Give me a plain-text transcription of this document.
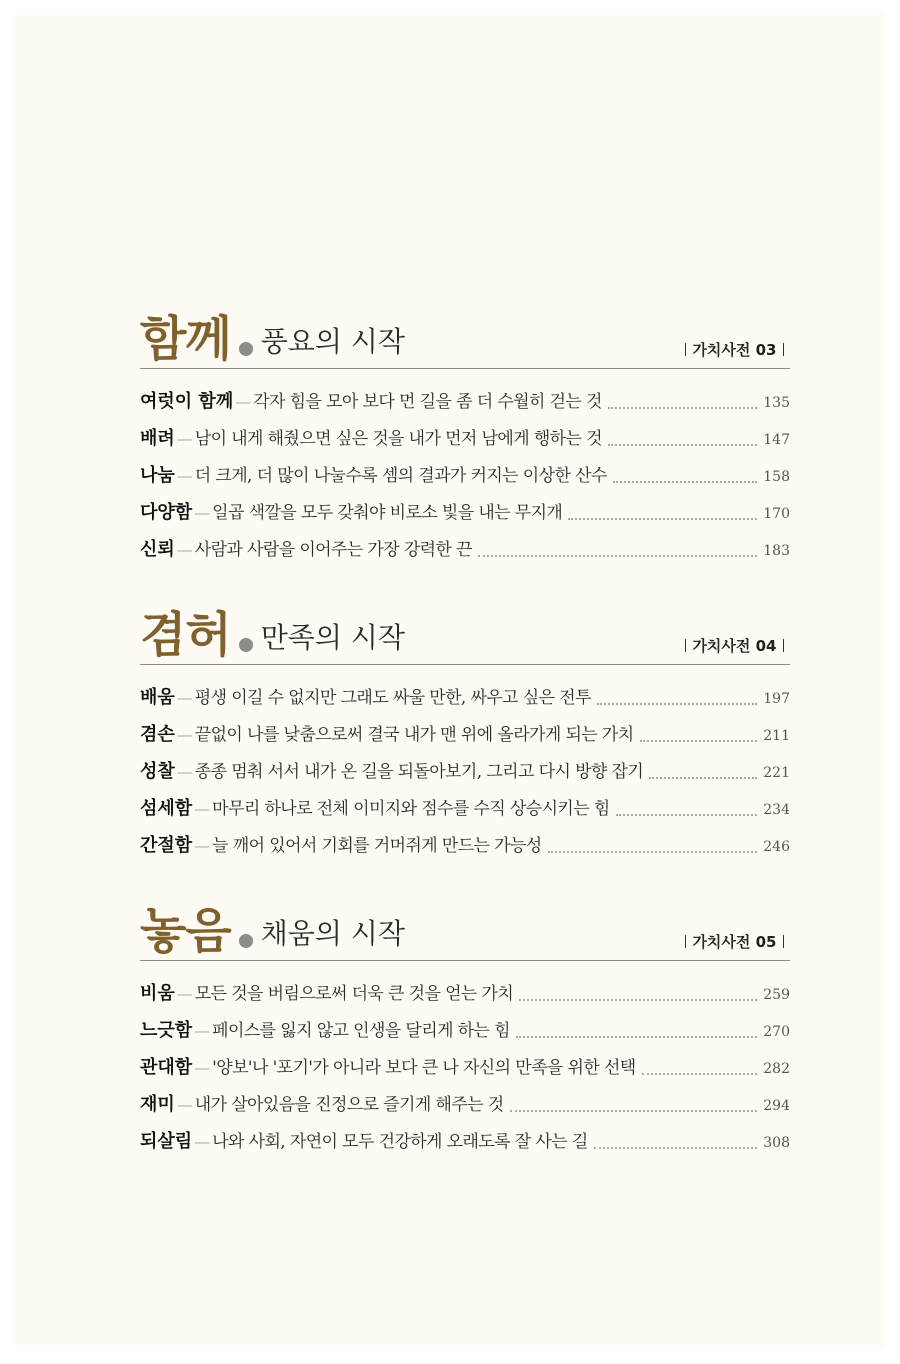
함께 풍요의 시작	가치사전 03
여럿이 함께 — 각자 힘을 모아 보다 먼 길을 좀 더 수월히 걷는 것	135
배려 — 남이 내게 해줬으면 싶은 것을 내가 먼저 남에게 행하는 것	147
나눔 — 더 크게, 더 많이 나눌수록 셈의 결과가 커지는 이상한 산수	158
다양함 — 일곱 색깔을 모두 갖춰야 비로소 빛을 내는 무지개	170
신뢰 — 사람과 사람을 이어주는 가장 강력한 끈	183
겸허 만족의 시작	가치사전 04
배움 — 평생 이길 수 없지만 그래도 싸울 만한, 싸우고 싶은 전투	197
겸손 — 끝없이 나를 낮춤으로써 결국 내가 맨 위에 올라가게 되는 가치	211
성찰 — 종종 멈춰 서서 내가 온 길을 되돌아보기, 그리고 다시 방향 잡기	221
섬세함 — 마무리 하나로 전체 이미지와 점수를 수직 상승시키는 힘	234
간절함 — 늘 깨어 있어서 기회를 거머쥐게 만드는 가능성	246
놓음 채움의 시작	가치사전 05
비움 — 모든 것을 버림으로써 더욱 큰 것을 얻는 가치	259
느긋함 — 페이스를 잃지 않고 인생을 달리게 하는 힘	270
관대함 — '양보'나 '포기'가 아니라 보다 큰 나 자신의 만족을 위한 선택	282
재미 — 내가 살아있음을 진정으로 즐기게 해주는 것	294
되살림 — 나와 사회, 자연이 모두 건강하게 오래도록 잘 사는 길	308
